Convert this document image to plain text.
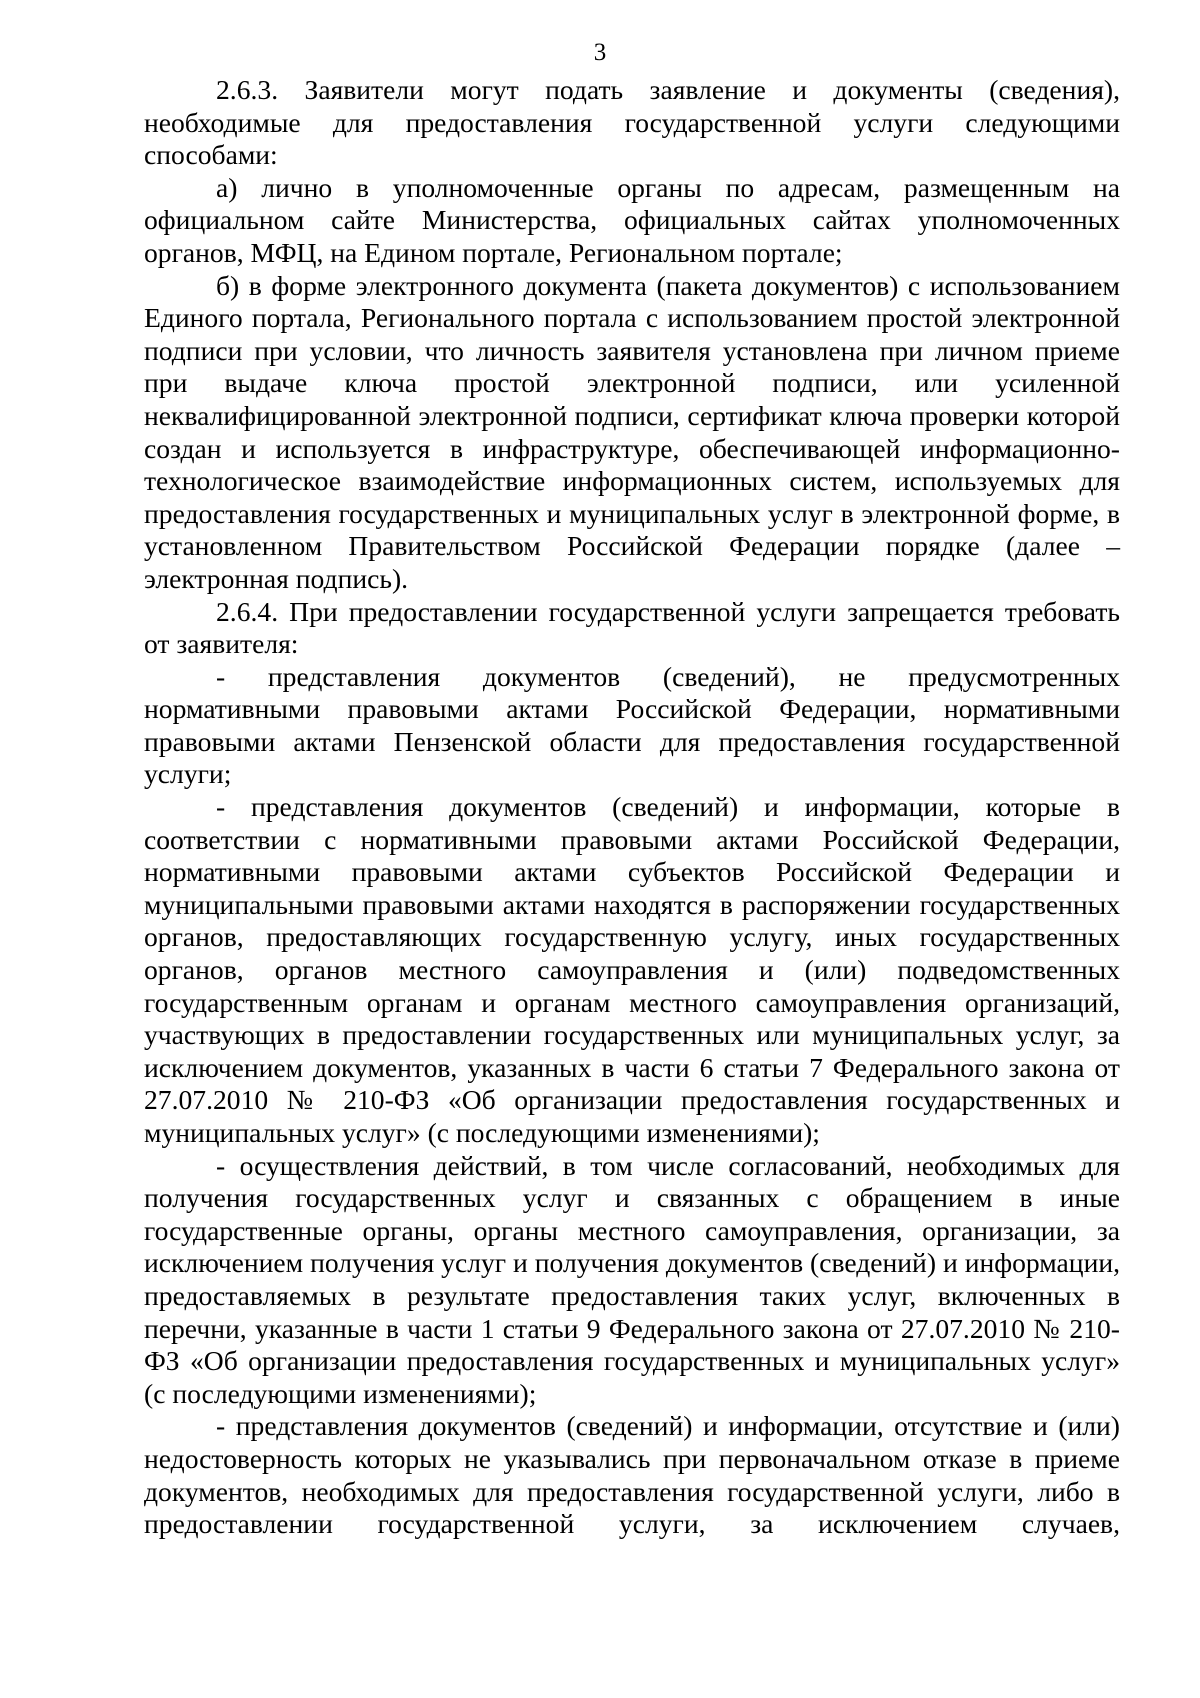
3

2.6.3. Заявители могут подать заявление и документы (сведения), необходимые для предоставления государственной услуги следующими способами:

а) лично в уполномоченные органы по адресам, размещенным на официальном сайте Министерства, официальных сайтах уполномоченных органов, МФЦ, на Едином портале, Региональном портале;

б) в форме электронного документа (пакета документов) с использованием Единого портала, Регионального портала с использованием простой электронной подписи при условии, что личность заявителя установлена при личном приеме при выдаче ключа простой электронной подписи, или усиленной неквалифицированной электронной подписи, сертификат ключа проверки которой создан и используется в инфраструктуре, обеспечивающей информационно-технологическое взаимодействие информационных систем, используемых для предоставления государственных и муниципальных услуг в электронной форме, в установленном Правительством Российской Федерации порядке (далее – электронная подпись).

2.6.4. При предоставлении государственной услуги запрещается требовать от заявителя:

- представления документов (сведений), не предусмотренных нормативными правовыми актами Российской Федерации, нормативными правовыми актами Пензенской области для предоставления государственной услуги;

- представления документов (сведений) и информации, которые в соответствии с нормативными правовыми актами Российской Федерации, нормативными правовыми актами субъектов Российской Федерации и муниципальными правовыми актами находятся в распоряжении государственных органов, предоставляющих государственную услугу, иных государственных органов, органов местного самоуправления и (или) подведомственных государственным органам и органам местного самоуправления организаций, участвующих в предоставлении государственных или муниципальных услуг, за исключением документов, указанных в части 6 статьи 7 Федерального закона от 27.07.2010 № 210-ФЗ «Об организации предоставления государственных и муниципальных услуг» (с последующими изменениями);

- осуществления действий, в том числе согласований, необходимых для получения государственных услуг и связанных с обращением в иные государственные органы, органы местного самоуправления, организации, за исключением получения услуг и получения документов (сведений) и информации, предоставляемых в результате предоставления таких услуг, включенных в перечни, указанные в части 1 статьи 9 Федерального закона от 27.07.2010 № 210-ФЗ «Об организации предоставления государственных и муниципальных услуг» (с последующими изменениями);

- представления документов (сведений) и информации, отсутствие и (или) недостоверность которых не указывались при первоначальном отказе в приеме документов, необходимых для предоставления государственной услуги, либо в предоставлении государственной услуги, за исключением случаев,
